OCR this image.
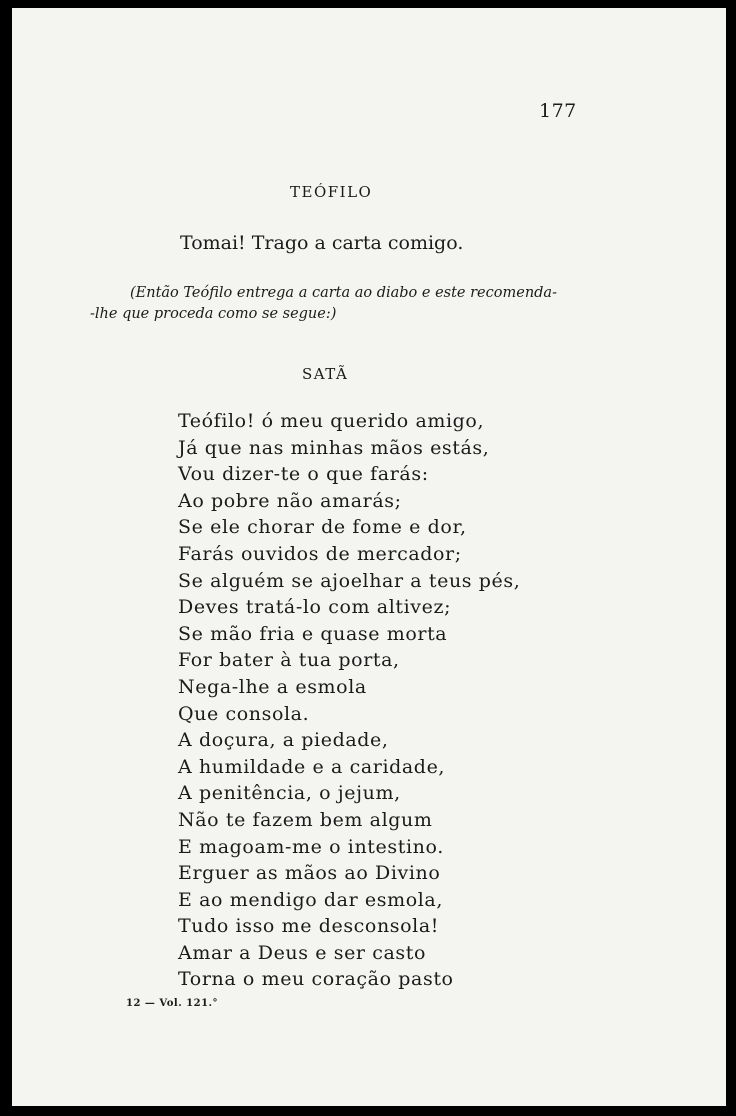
177

TEÓFILO

Tomai! Trago a carta comigo.

(Então Teófilo entrega a carta ao diabo e este recomenda-

-lhe que proceda como se segue:)

SATÃ

Teófilo! ó meu querido amigo,
Já que nas minhas mãos estás,
Vou dizer-te o que farás:
Ao pobre não amarás;
Se ele chorar de fome e dor,
Farás ouvidos de mercador;
Se alguém se ajoelhar a teus pés,
Deves tratá-lo com altivez;
Se mão fria e quase morta
For bater à tua porta,
Nega-lhe a esmola
Que consola.
A doçura, a piedade,
A humildade e a caridade,
A penitência, o jejum,
Não te fazem bem algum
E magoam-me o intestino.
Erguer as mãos ao Divino
E ao mendigo dar esmola,
Tudo isso me desconsola!
Amar a Deus e ser casto
Torna o meu coração pasto

12 — Vol. 121.°
